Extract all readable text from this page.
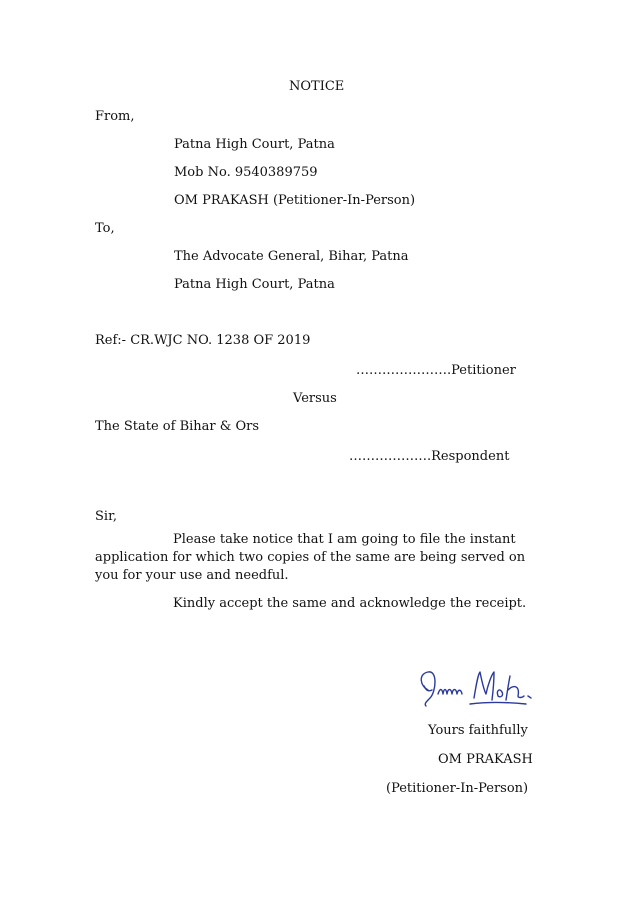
NOTICE
From,
Patna High Court, Patna
Mob No. 9540389759
OM PRAKASH (Petitioner-In-Person)
To,
The Advocate General, Bihar, Patna
Patna High Court, Patna
Ref:- CR.WJC NO. 1238 OF 2019
………………….Petitioner
Versus
The State of Bihar & Ors
……………….Respondent
Sir,
Please take notice that I am going to file the instant application for which two copies of the same are being served on you for your use and needful.
Kindly accept the same and acknowledge the receipt.
Yours faithfully
OM PRAKASH
(Petitioner-In-Person)
